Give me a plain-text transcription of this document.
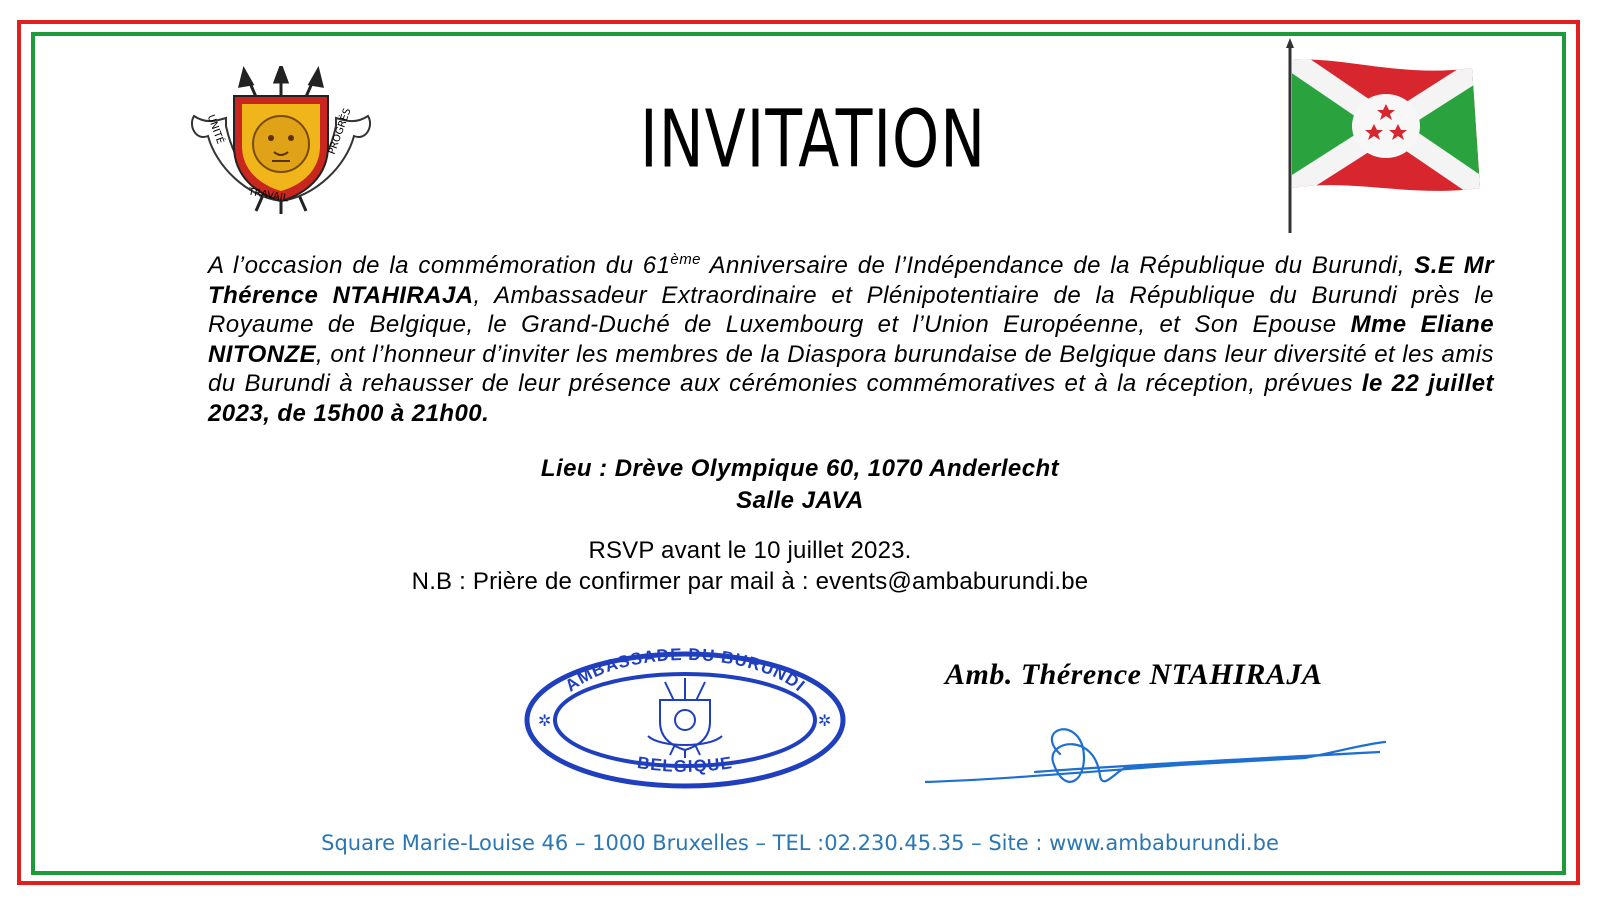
UNITÉ
TRAVAIL
PROGRÈS	INVITATION
A l’occasion de la commémoration du 61ème Anniversaire de l’Indépendance de la République du Burundi, S.E Mr Thérence NTAHIRAJA, Ambassadeur Extraordinaire et Plénipotentiaire de la République du Burundi près le Royaume de Belgique, le Grand-Duché de Luxembourg et l’Union Européenne, et Son Epouse Mme Eliane NITONZE, ont l’honneur d’inviter les membres de la Diaspora burundaise de Belgique dans leur diversité et les amis du Burundi à rehausser de leur présence aux cérémonies commémoratives et à la réception, prévues le 22 juillet 2023, de 15h00 à 21h00.
Lieu : Drève Olympique 60, 1070 Anderlecht
Salle JAVA
RSVP avant le 10 juillet 2023.
N.B : Prière de confirmer par mail à : events@ambaburundi.be
AMBASSADE DU BURUNDI
BELGIQUE
✲	✲
Amb. Thérence NTAHIRAJA
Square Marie-Louise 46 – 1000 Bruxelles – TEL :02.230.45.35 – Site : www.ambaburundi.be
